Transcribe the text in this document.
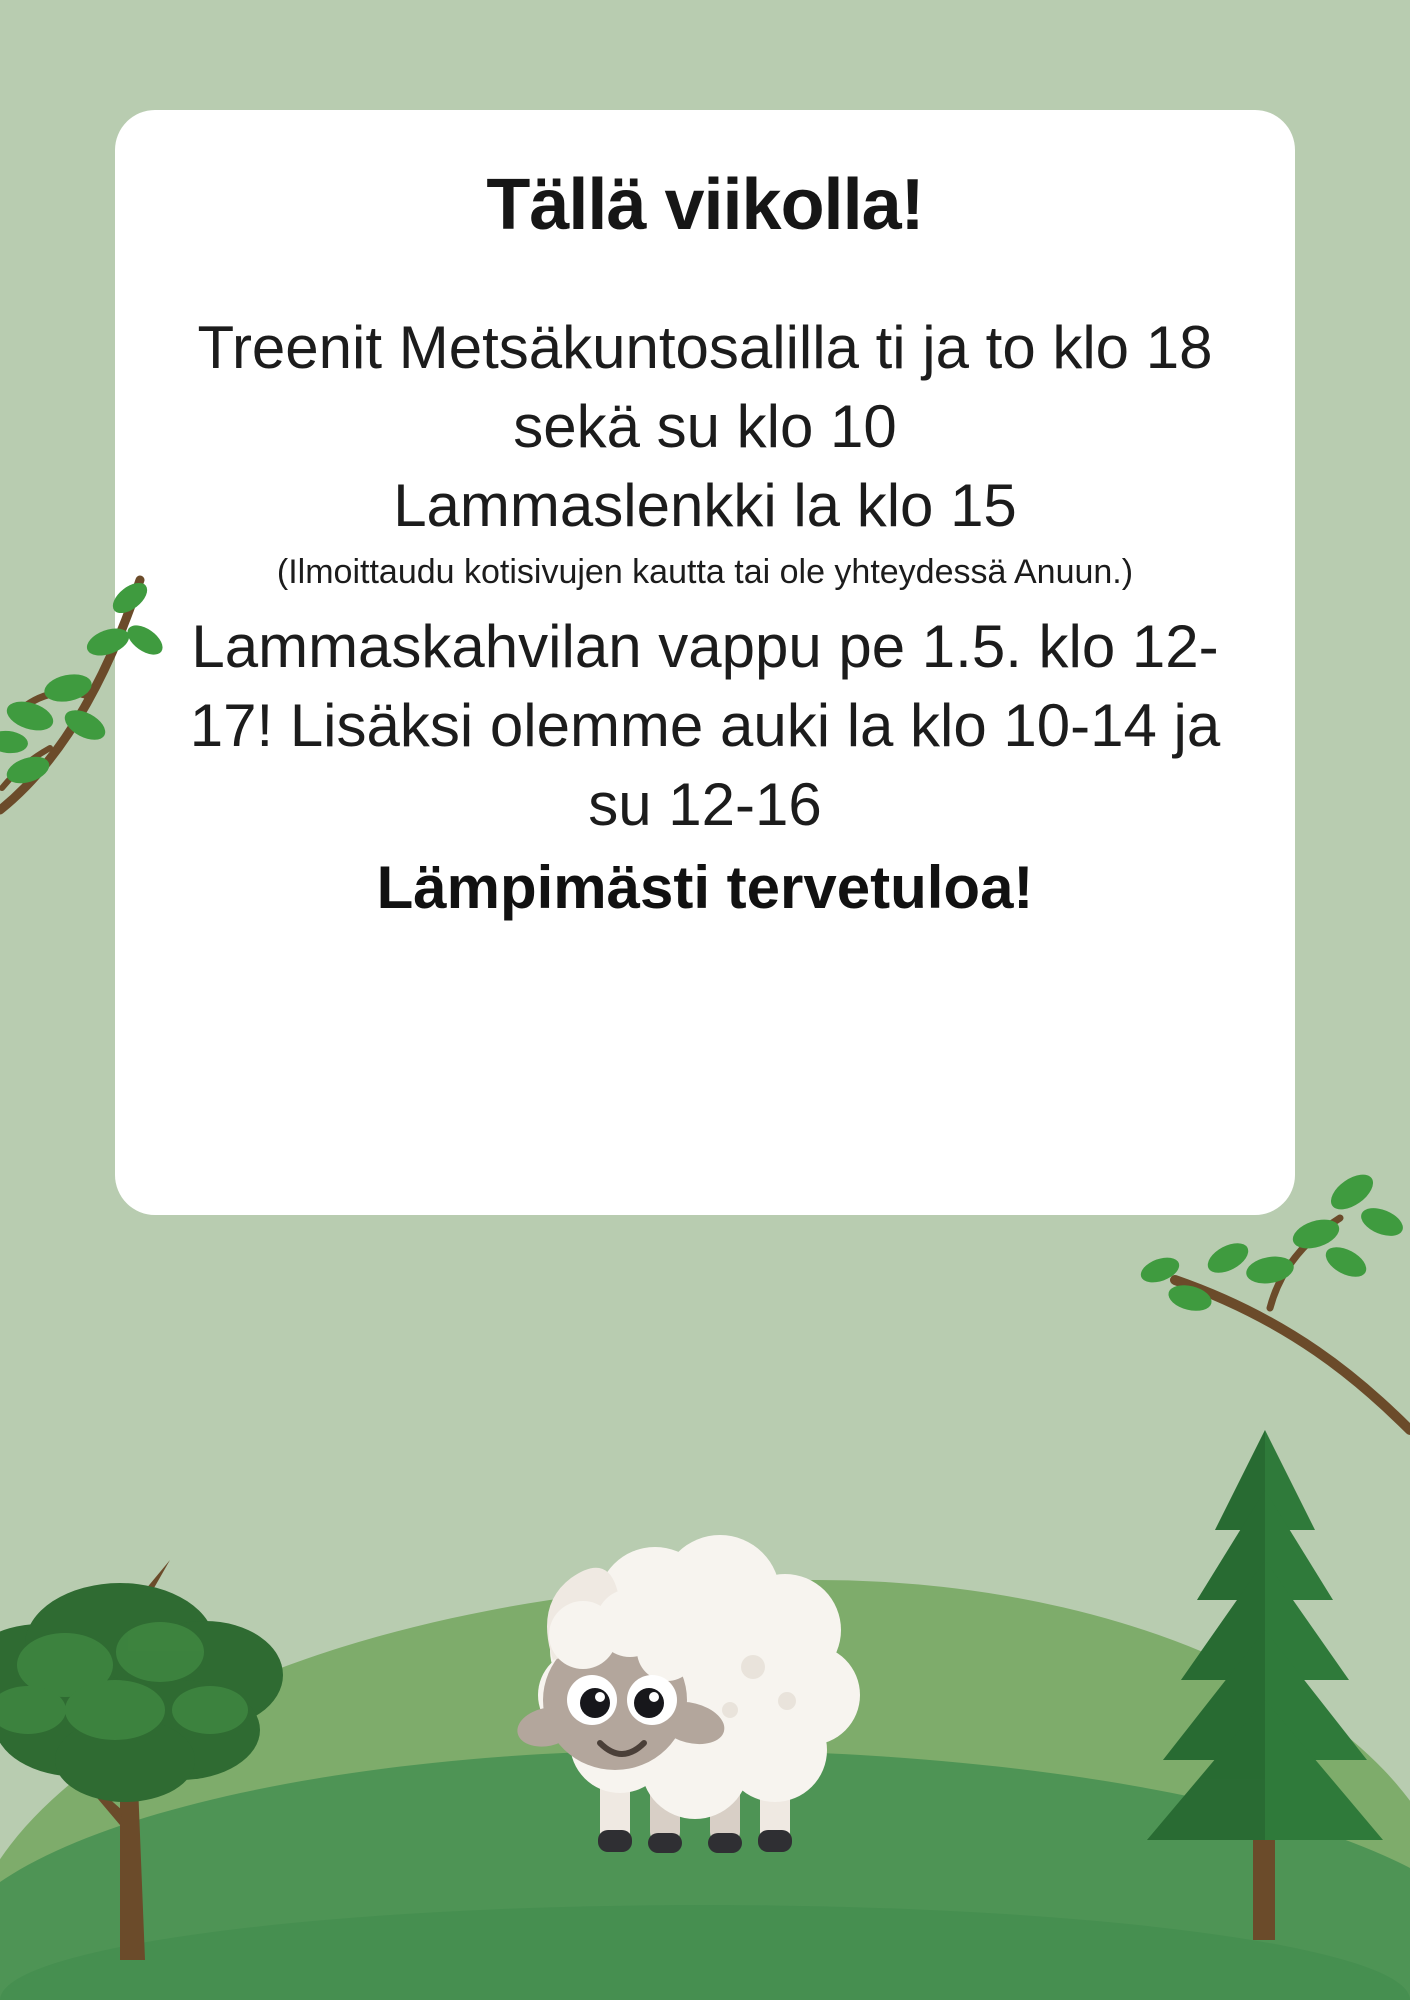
Tällä viikolla!

Treenit Metsäkuntosalilla ti ja to klo 18 sekä su klo 10

Lammaslenkki la klo 15

(Ilmoittaudu kotisivujen kautta tai ole yhteydessä Anuun.)

Lammaskahvilan vappu pe 1.5. klo 12-17! Lisäksi olemme auki la klo 10-14 ja su 12-16

Lämpimästi tervetuloa!
